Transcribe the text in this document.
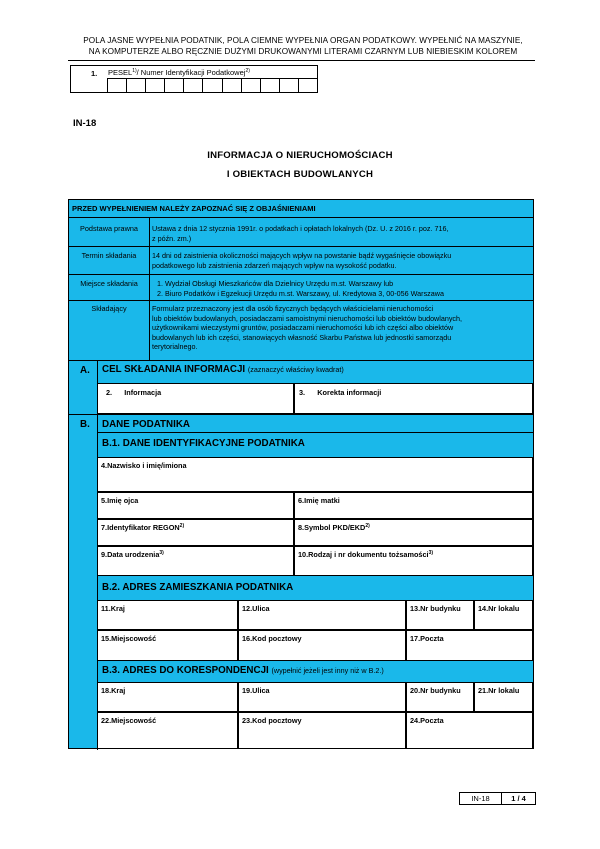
POLA JASNE WYPEŁNIA PODATNIK, POLA CIEMNE WYPEŁNIA ORGAN PODATKOWY. WYPEŁNIĆ NA MASZYNIE,
NA KOMPUTERZE ALBO RĘCZNIE DUŻYMI DRUKOWANYMI LITERAMI CZARNYM LUB NIEBIESKIM KOLOREM
1. PESEL$^{1)}$/ Numer Identyfikacji Podatkowej$^{2)}$
IN-18
INFORMACJA O NIERUCHOMOŚCIACH
I OBIEKTACH BUDOWLANYCH
PRZED WYPEŁNIENIEM NALEŻY ZAPOZNAĆ SIĘ Z OBJAŚNIENIAMI
Podstawa prawna	Ustawa z dnia 12 stycznia 1991r. o podatkach i opłatach lokalnych (Dz. U. z 2016 r. poz. 716,
z późn. zm.)
Termin składania	14 dni od zaistnienia okoliczności mających wpływ na powstanie bądź wygaśnięcie obowiązku
podatkowego lub zaistnienia zdarzeń mających wpływ na wysokość podatku.
Miejsce składania	1. Wydział Obsługi Mieszkańców dla Dzielnicy Urzędu m.st. Warszawy lub
2. Biuro Podatków i Egzekucji Urzędu m.st. Warszawy, ul. Kredytowa 3, 00-056 Warszawa
Składający	Formularz przeznaczony jest dla osób fizycznych będących właścicielami nieruchomości
lub obiektów budowlanych, posiadaczami samoistnymi nieruchomości lub obiektów budowlanych,
użytkownikami wieczystymi gruntów, posiadaczami nieruchomości lub ich części albo obiektów
budowlanych lub ich części, stanowiących własność Skarbu Państwa lub jednostki samorządu
terytorialnego.
A. CEL SKŁADANIA INFORMACJI (zaznaczyć właściwy kwadrat)
2. Informacja	3. Korekta informacji
B. DANE PODATNIKA
B.1. DANE IDENTYFIKACYJNE PODATNIKA
4.Nazwisko i imię/imiona
5.Imię ojca	6.Imię matki
7.Identyfikator REGON$^{2)}$	8.Symbol PKD/EKD$^{2)}$
9.Data urodzenia$^{3)}$	10.Rodzaj i nr dokumentu tożsamości$^{3)}$
B.2. ADRES ZAMIESZKANIA PODATNIKA
11.Kraj	12.Ulica	13.Nr budynku	14.Nr lokalu
15.Miejscowość	16.Kod pocztowy	17.Poczta
B.3. ADRES DO KORESPONDENCJI (wypełnić jeżeli jest inny niż w B.2.)
18.Kraj	19.Ulica	20.Nr budynku	21.Nr lokalu
22.Miejscowość	23.Kod pocztowy	24.Poczta
IN-18	1 / 4
